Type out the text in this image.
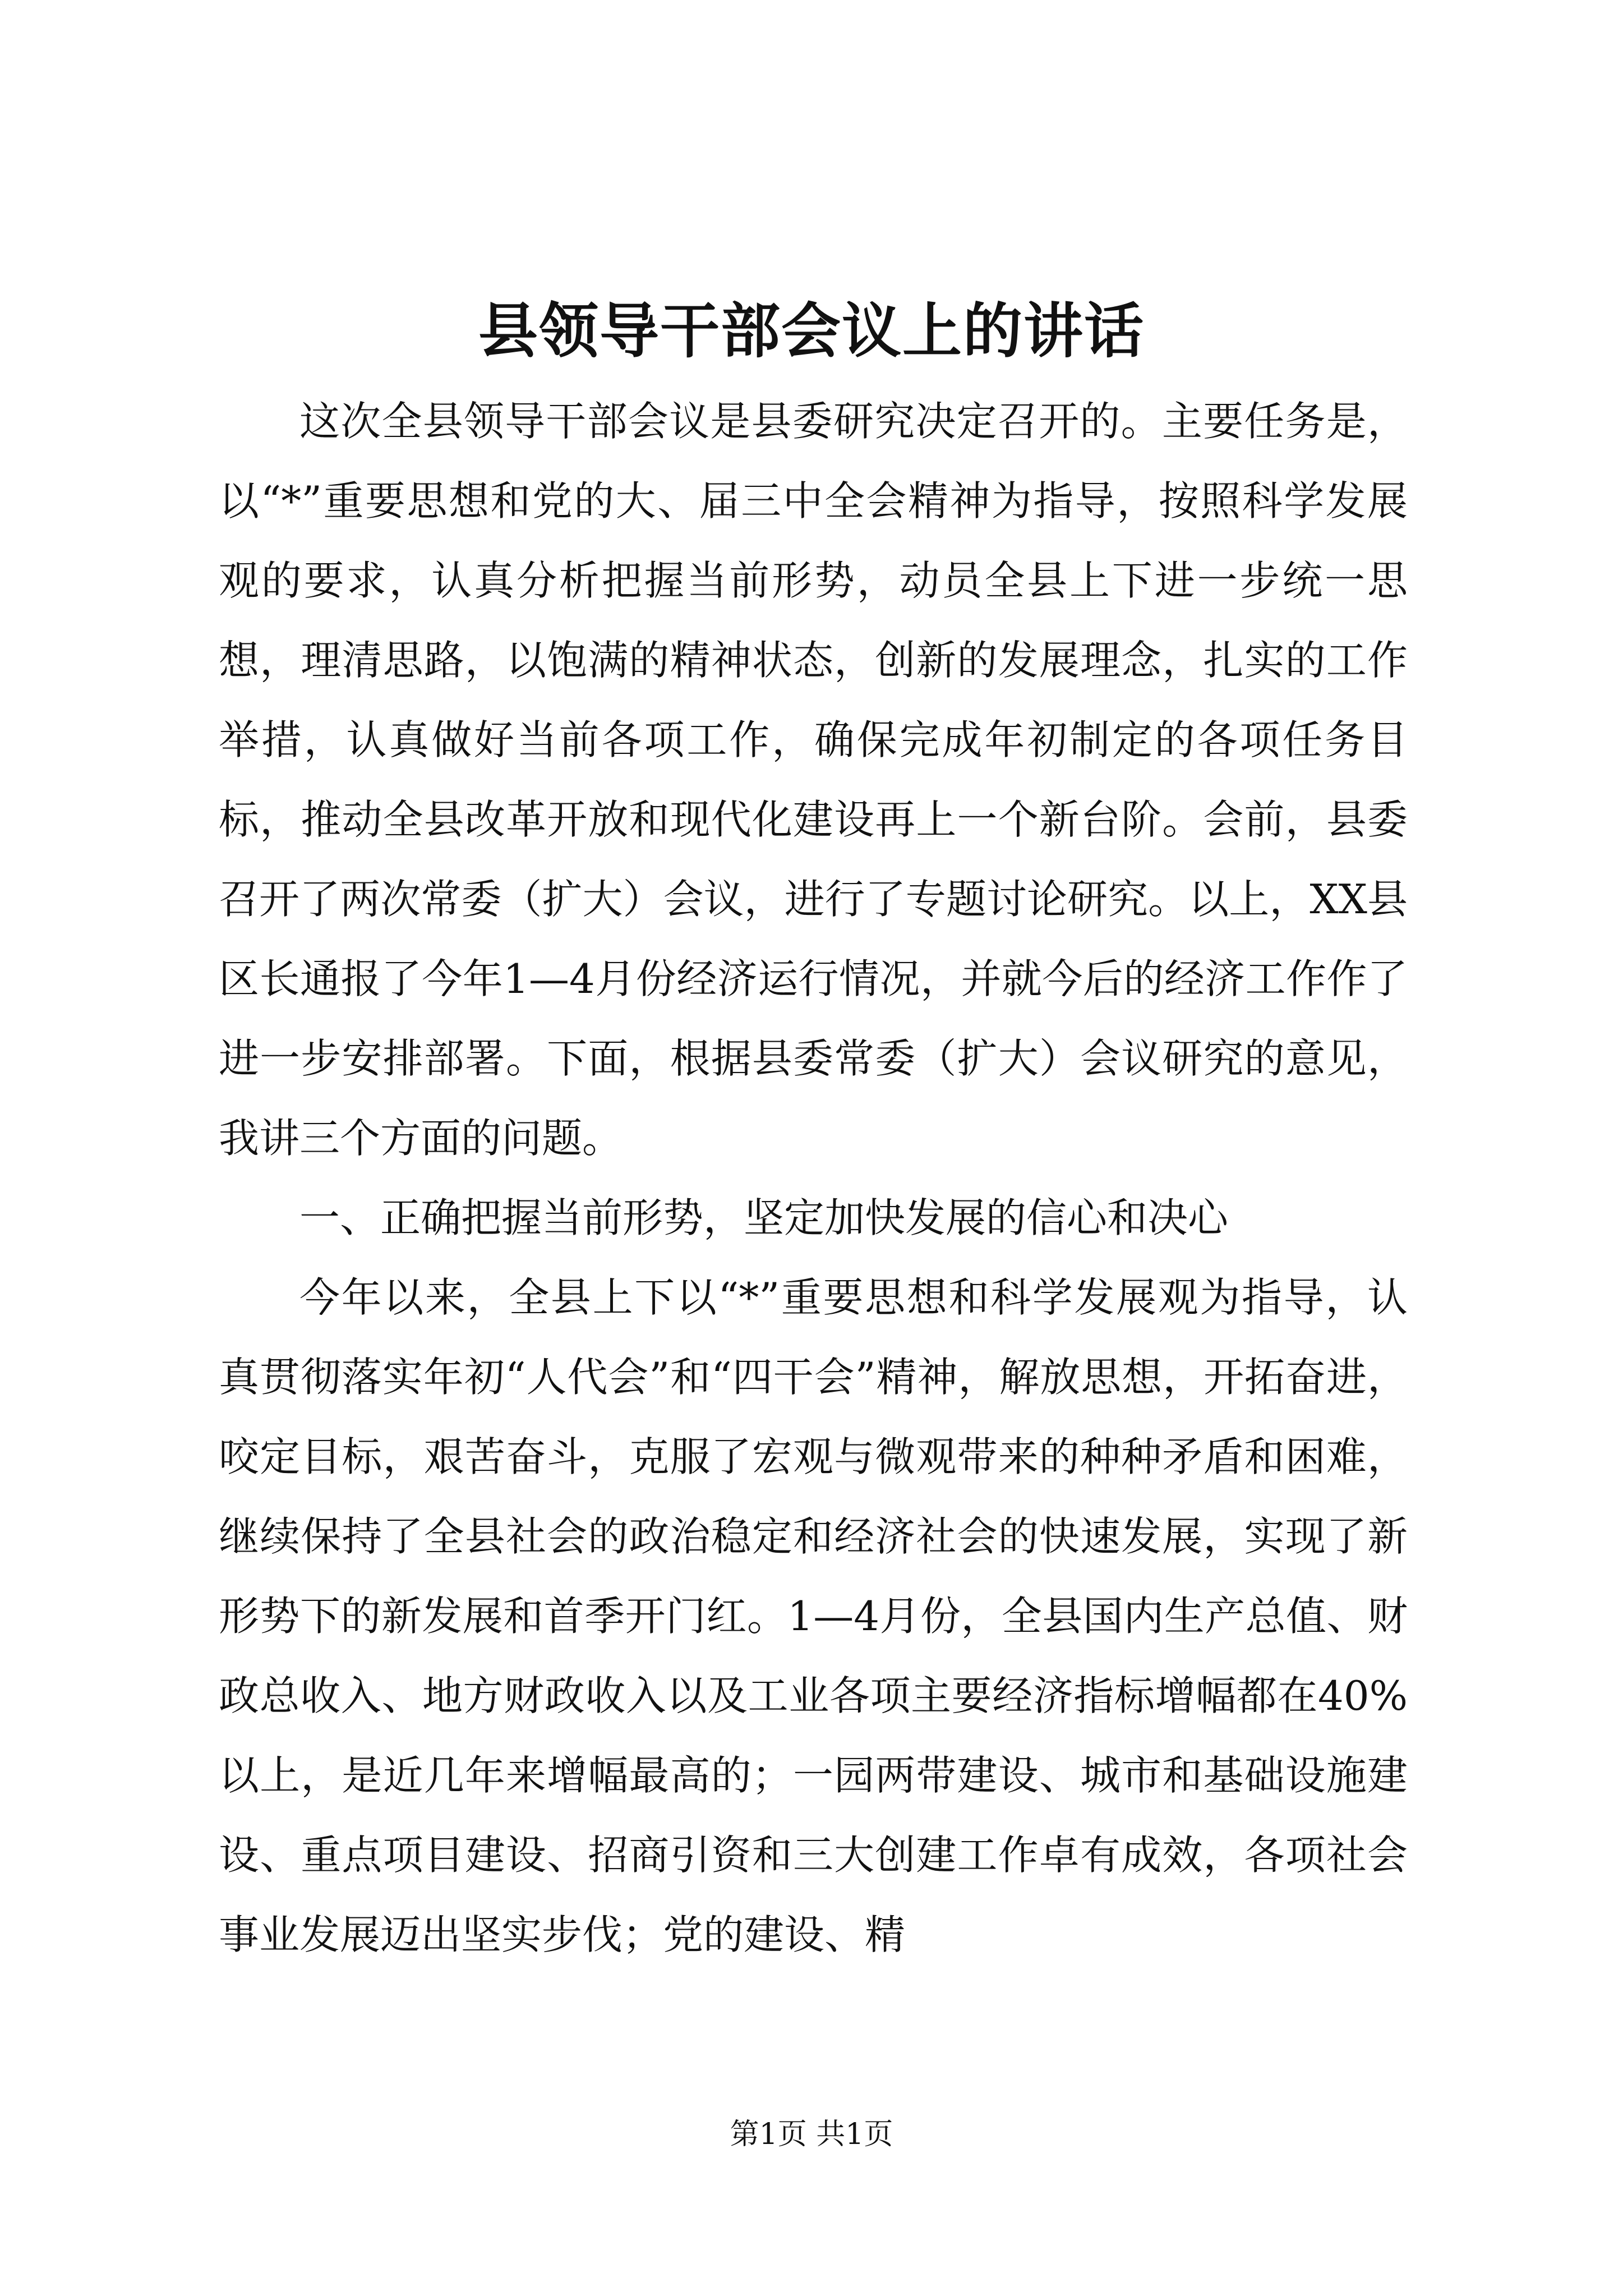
县领导干部会议上的讲话

这次全县领导干部会议是县委研究决定召开的。主要任务是，以“*”重要思想和党的大、届三中全会精神为指导，按照科学发展观的要求，认真分析把握当前形势，动员全县上下进一步统一思想，理清思路，以饱满的精神状态，创新的发展理念，扎实的工作举措，认真做好当前各项工作，确保完成年初制定的各项任务目标，推动全县改革开放和现代化建设再上一个新台阶。会前，县委召开了两次常委（扩大）会议，进行了专题讨论研究。以上，XX县区长通报了今年1—4月份经济运行情况，并就今后的经济工作作了进一步安排部署。下面，根据县委常委（扩大）会议研究的意见，我讲三个方面的问题。

一、正确把握当前形势，坚定加快发展的信心和决心

今年以来，全县上下以“*”重要思想和科学发展观为指导，认真贯彻落实年初“人代会”和“四干会”精神，解放思想，开拓奋进，咬定目标，艰苦奋斗，克服了宏观与微观带来的种种矛盾和困难，继续保持了全县社会的政治稳定和经济社会的快速发展，实现了新形势下的新发展和首季开门红。1—4月份，全县国内生产总值、财政总收入、地方财政收入以及工业各项主要经济指标增幅都在40%以上，是近几年来增幅最高的；一园两带建设、城市和基础设施建设、重点项目建设、招商引资和三大创建工作卓有成效，各项社会事业发展迈出坚实步伐；党的建设、精

第1页 共1页
